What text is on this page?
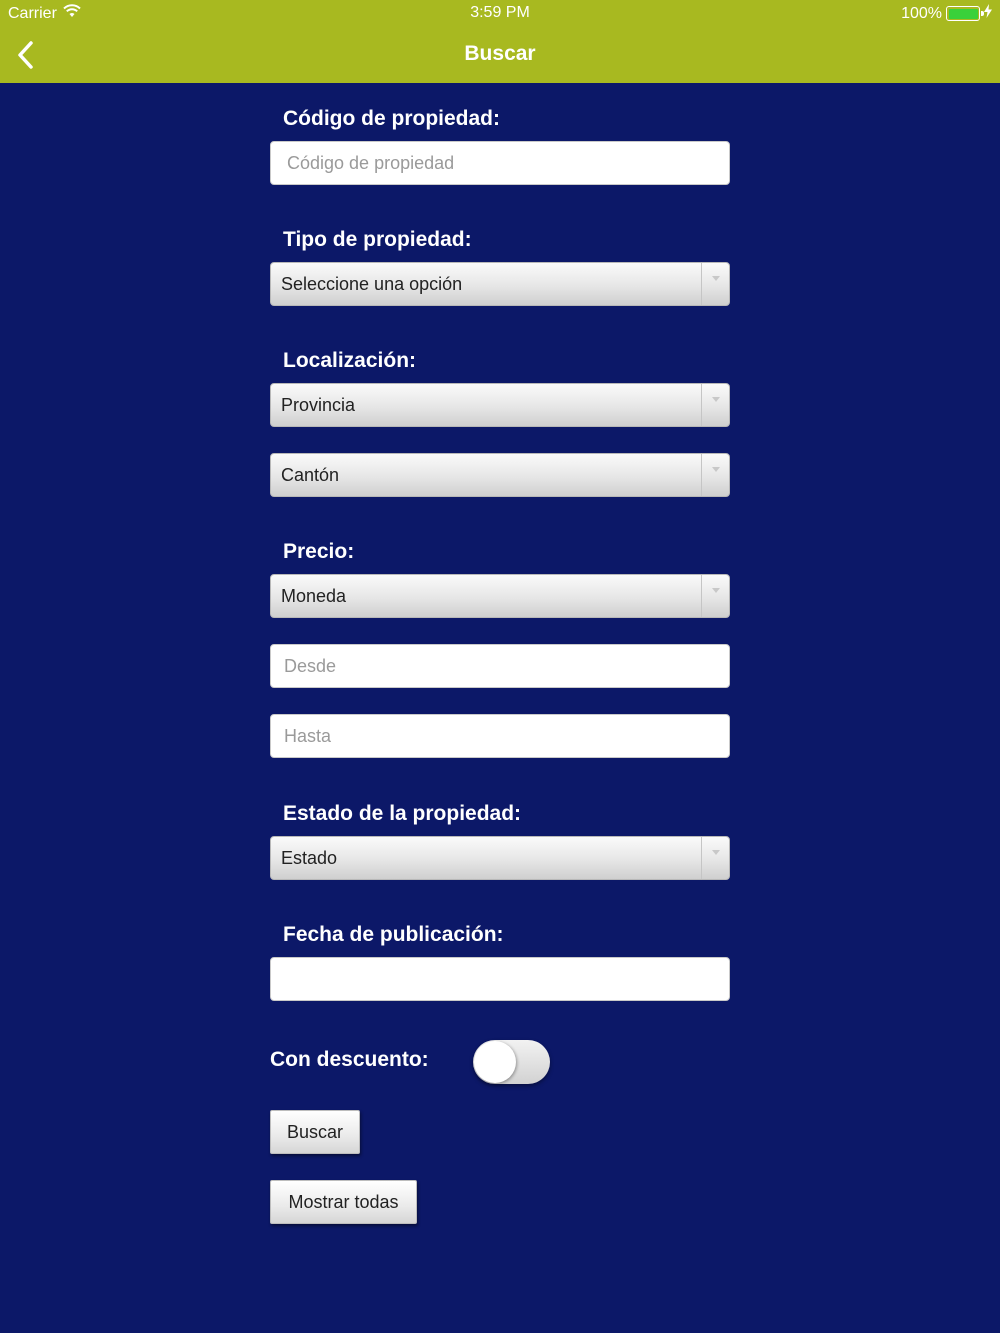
Carrier	3:59 PM	100%
Buscar
Código de propiedad:
Código de propiedad
Tipo de propiedad:
Seleccione una opción
Localización:
Provincia
Cantón
Precio:
Moneda
Desde
Hasta
Estado de la propiedad:
Estado
Fecha de publicación:
Con descuento:
Buscar
Mostrar todas
